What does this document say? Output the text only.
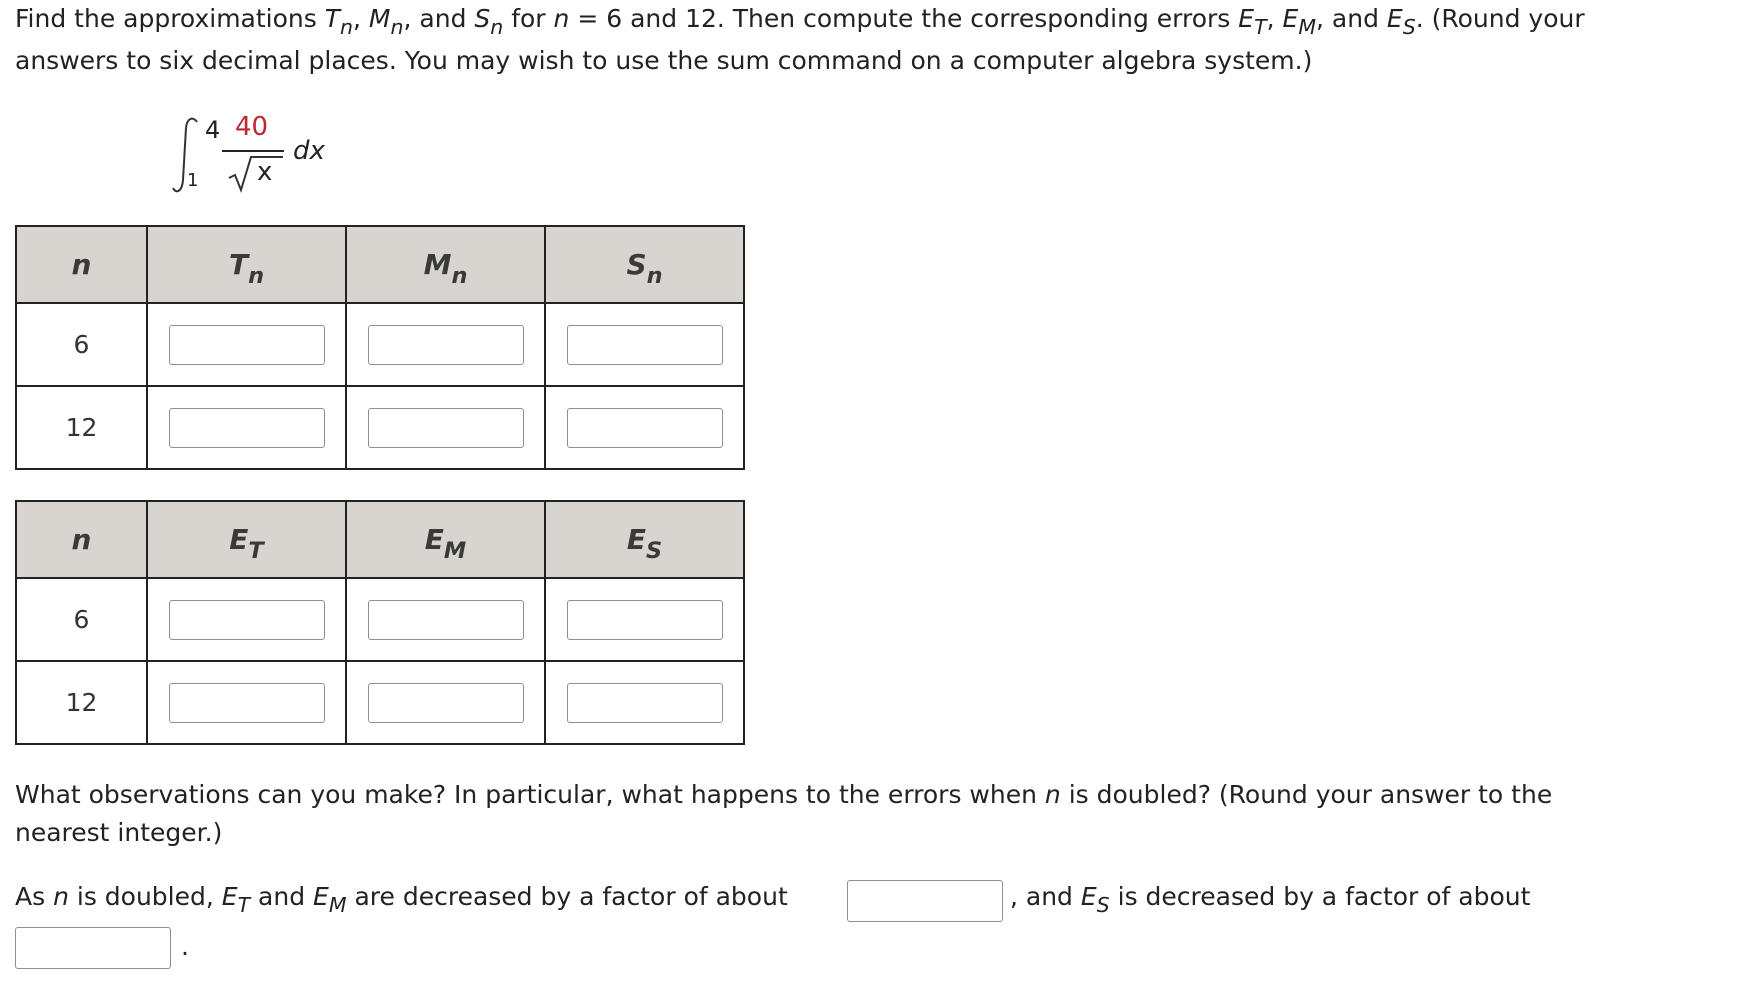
Find the approximations $T_n$, $M_n$, and $S_n$ for n = 6 and 12. Then compute the corresponding errors $E_T$, $E_M$, and $E_S$. (Round your
answers to six decimal places. You may wish to use the sum command on a computer algebra system.)

4
1
40
x
dx
n	$T_n$	$M_n$	$S_n$
6			
12			
n	$E_T$	$E_M$	$E_S$
6			
12			

What observations can you make? In particular, what happens to the errors when n is doubled? (Round your answer to the
nearest integer.)

As n is doubled, $E_T$ and $E_M$ are decreased by a factor of about	, and $E_S$ is decreased by a factor of about

.
